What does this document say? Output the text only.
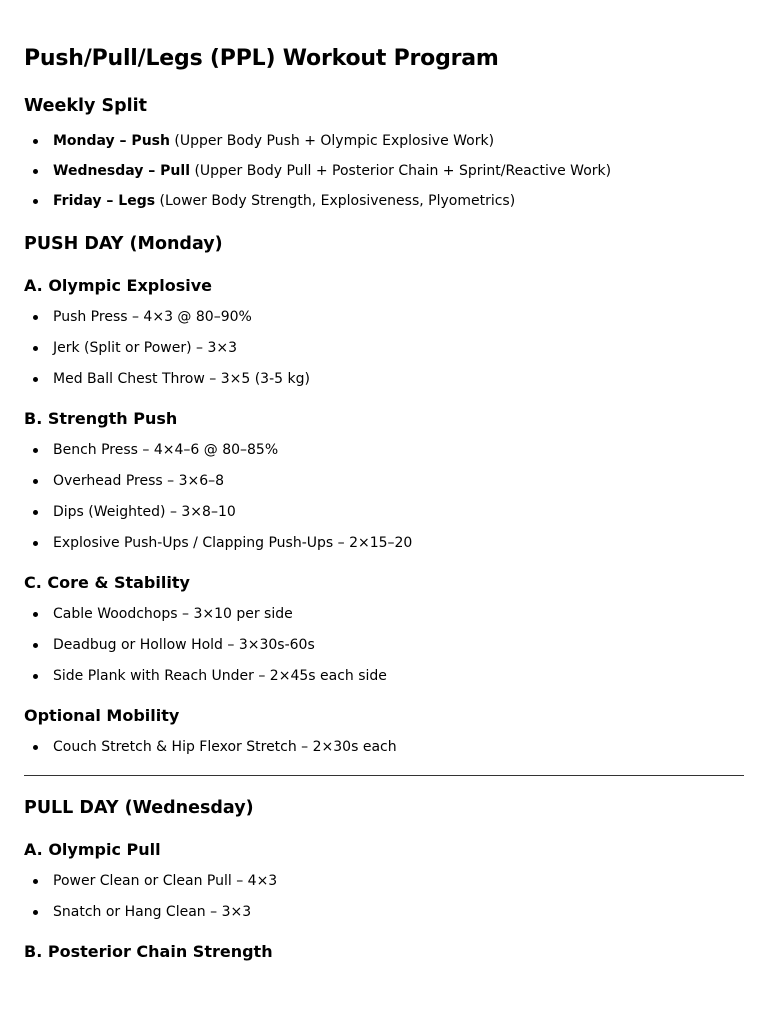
Push/Pull/Legs (PPL) Workout Program
Weekly Split
Monday – Push (Upper Body Push + Olympic Explosive Work)
Wednesday – Pull (Upper Body Pull + Posterior Chain + Sprint/Reactive Work)
Friday – Legs (Lower Body Strength, Explosiveness, Plyometrics)
PUSH DAY (Monday)
A. Olympic Explosive
Push Press – 4×3 @ 80–90%
Jerk (Split or Power) – 3×3
Med Ball Chest Throw – 3×5 (3-5 kg)
B. Strength Push
Bench Press – 4×4–6 @ 80–85%
Overhead Press – 3×6–8
Dips (Weighted) – 3×8–10
Explosive Push-Ups / Clapping Push-Ups – 2×15–20
C. Core & Stability
Cable Woodchops – 3×10 per side
Deadbug or Hollow Hold – 3×30s-60s
Side Plank with Reach Under – 2×45s each side
Optional Mobility
Couch Stretch & Hip Flexor Stretch – 2×30s each
PULL DAY (Wednesday)
A. Olympic Pull
Power Clean or Clean Pull – 4×3
Snatch or Hang Clean – 3×3
B. Posterior Chain Strength
